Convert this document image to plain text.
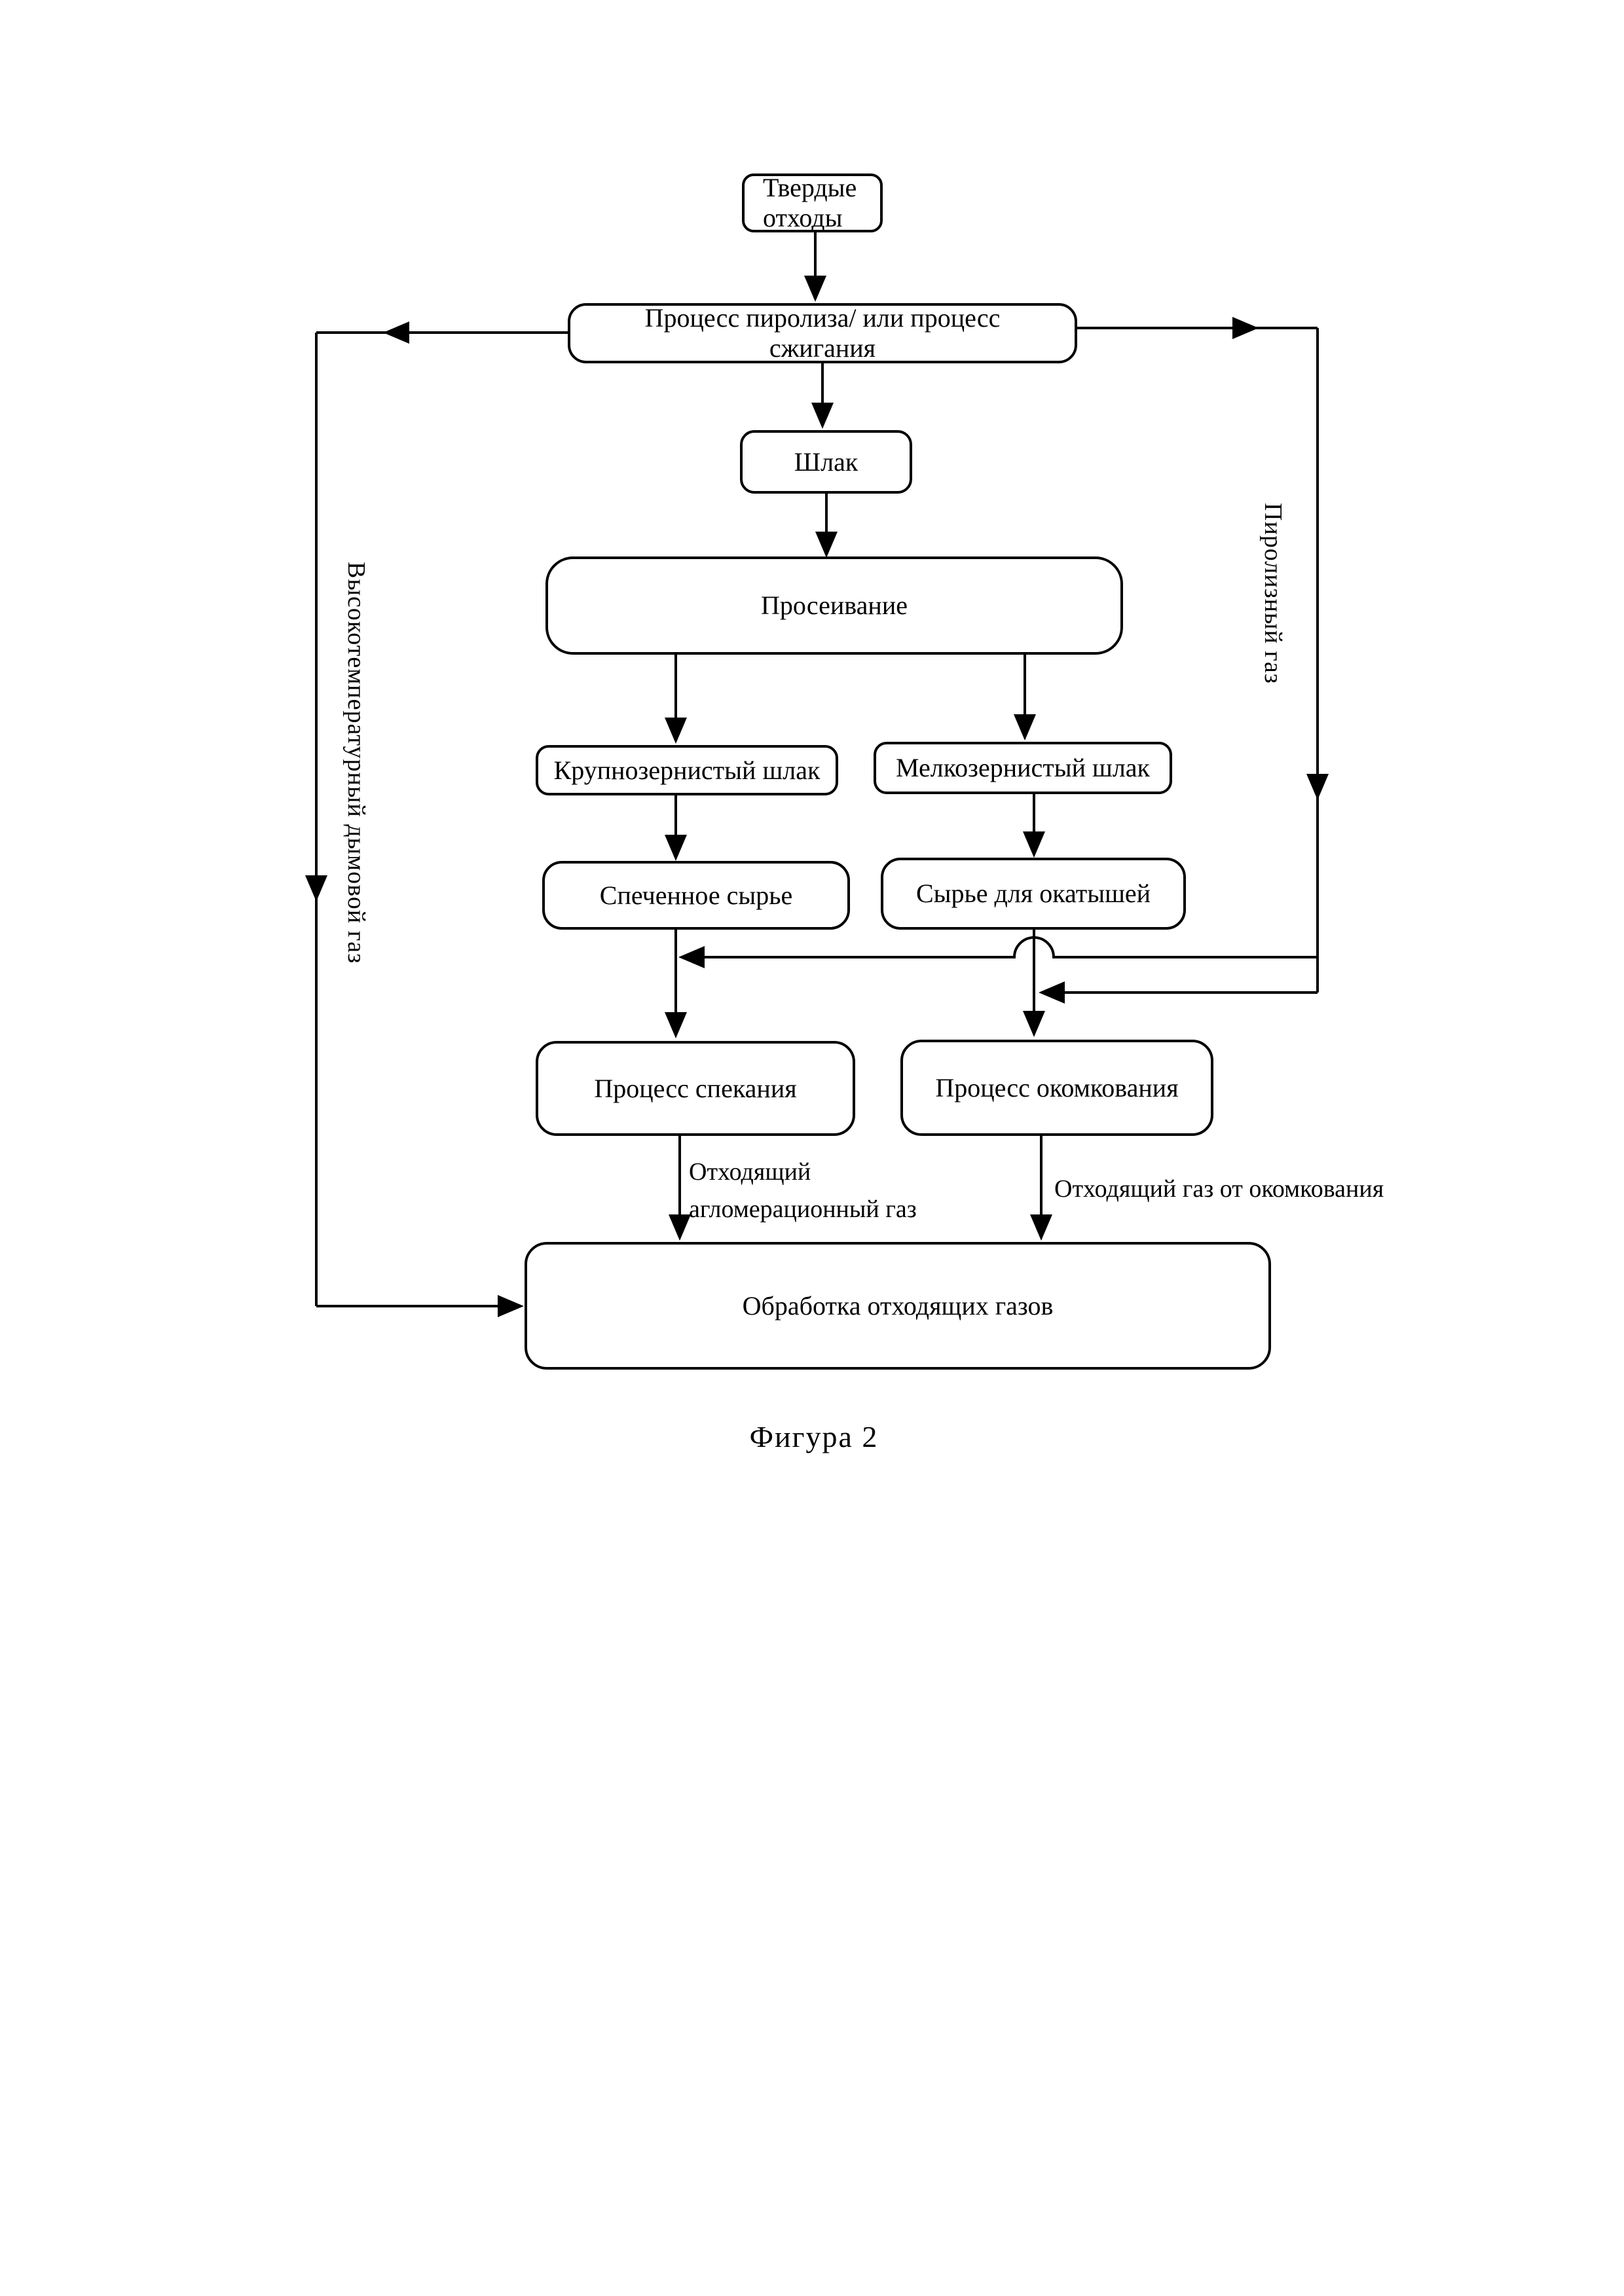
Твердые
отходы
Процесс пиролиза/ или процесс
сжигания
Шлак
Просеивание
Крупнозернистый шлак	Мелкозернистый шлак
Спеченное сырье	Сырье для окатышей
Процесс спекания	Процесс окомкования
Обработка отходящих газов
Высокотемпературный дымовой газ	Пиролизный газ
Отходящий
агломерационный газ
Отходящий газ от окомкования
Фигура 2
